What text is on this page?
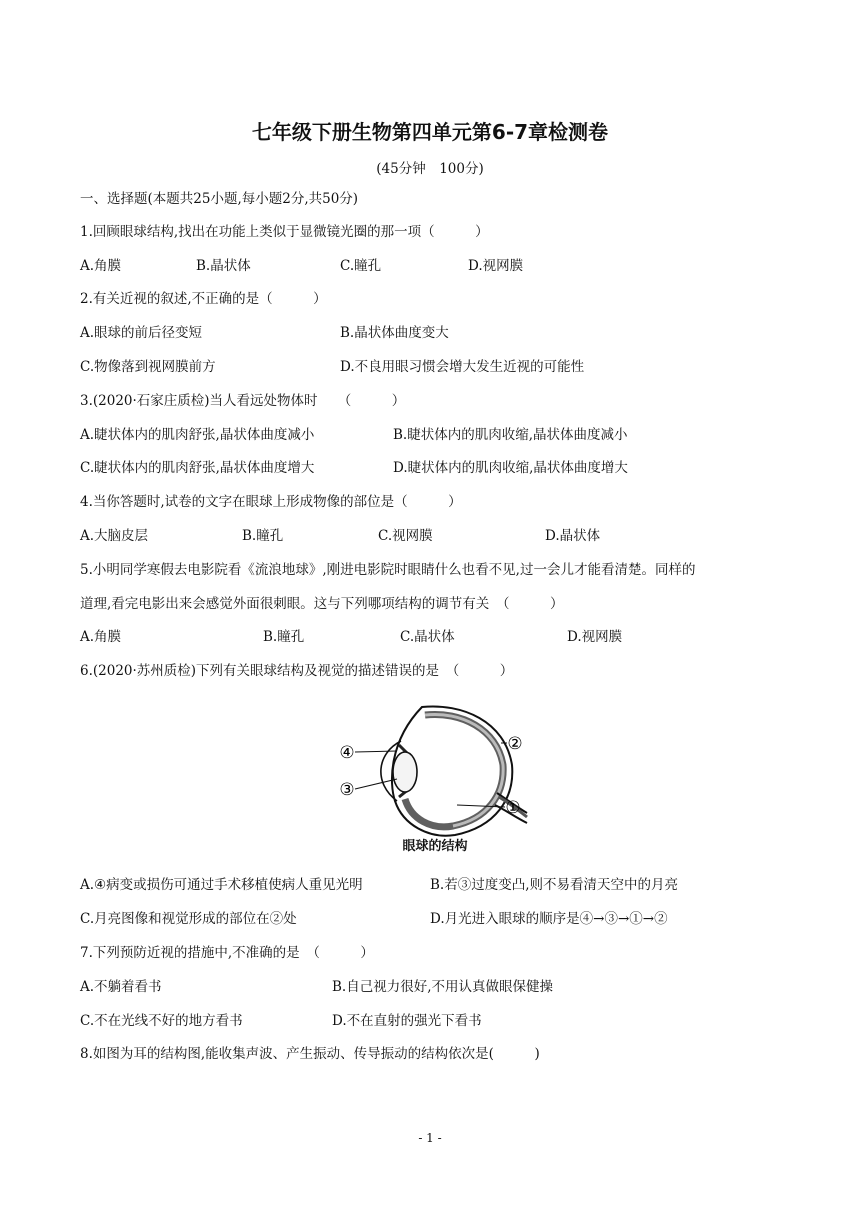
七年级下册生物第四单元第6-7章检测卷
(45分钟　100分)
一、选择题(本题共25小题,每小题2分,共50分)
1.回顾眼球结构,找出在功能上类似于显微镜光圈的那一项（　　　）
A.角膜	B.晶状体	C.瞳孔	D.视网膜
2.有关近视的叙述,不正确的是（　　　）
A.眼球的前后径变短	B.晶状体曲度变大
C.物像落到视网膜前方	D.不良用眼习惯会增大发生近视的可能性
3.(2020·石家庄质检)当人看远处物体时　　（　　　）
A.睫状体内的肌肉舒张,晶状体曲度减小	B.睫状体内的肌肉收缩,晶状体曲度减小
C.睫状体内的肌肉舒张,晶状体曲度增大	D.睫状体内的肌肉收缩,晶状体曲度增大
4.当你答题时,试卷的文字在眼球上形成物像的部位是（　　　）
A.大脑皮层	B.瞳孔	C.视网膜	D.晶状体
5.小明同学寒假去电影院看《流浪地球》,刚进电影院时眼睛什么也看不见,过一会儿才能看清楚。同样的
道理,看完电影出来会感觉外面很刺眼。这与下列哪项结构的调节有关　（　　　）
A.角膜	B.瞳孔	C.晶状体	D.视网膜
6.(2020·苏州质检)下列有关眼球结构及视觉的描述错误的是　（　　　）
④
③
②
①
眼球的结构
A.④病变或损伤可通过手术移植使病人重见光明	B.若③过度变凸,则不易看清天空中的月亮
C.月亮图像和视觉形成的部位在②处	D.月光进入眼球的顺序是④→③→①→②
7.下列预防近视的措施中,不准确的是　（　　　）
A.不躺着看书	B.自己视力很好,不用认真做眼保健操
C.不在光线不好的地方看书	D.不在直射的强光下看书
8.如图为耳的结构图,能收集声波、产生振动、传导振动的结构依次是(　　　)
- 1 -
